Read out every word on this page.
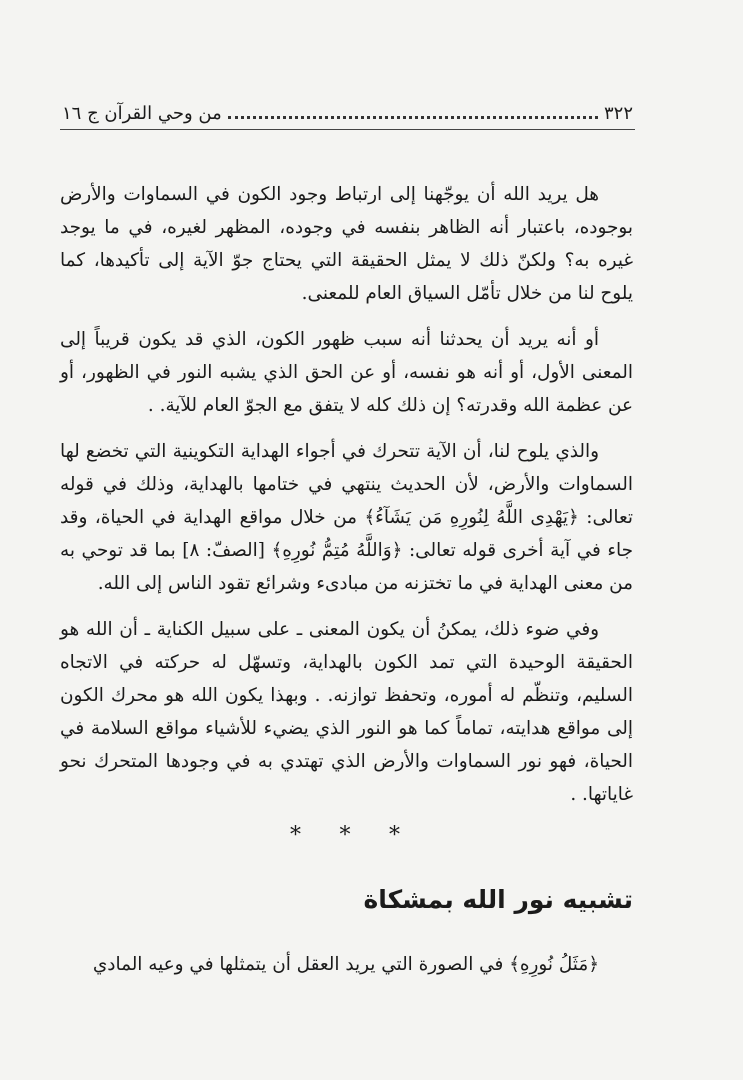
٣٢٢
من وحي القرآن ج ١٦

هل يريد الله أن يوجّهنا إلى ارتباط وجود الكون في السماوات والأرض بوجوده، باعتبار أنه الظاهر بنفسه في وجوده، المظهر لغيره، في ما يوجد غيره به؟ ولكنّ ذلك لا يمثل الحقيقة التي يحتاج جوّ الآية إلى تأكيدها، كما يلوح لنا من خلال تأمّل السياق العام للمعنى.

أو أنه يريد أن يحدثنا أنه سبب ظهور الكون، الذي قد يكون قريباً إلى المعنى الأول، أو أنه هو نفسه، أو عن الحق الذي يشبه النور في الظهور، أو عن عظمة الله وقدرته؟ إن ذلك كله لا يتفق مع الجوّ العام للآية. .

والذي يلوح لنا، أن الآية تتحرك في أجواء الهداية التكوينية التي تخضع لها السماوات والأرض، لأن الحديث ينتهي في ختامها بالهداية، وذلك في قوله تعالى: ﴿يَهْدِى اللَّهُ لِنُورِهِ مَن يَشَآءُ﴾ من خلال مواقع الهداية في الحياة، وقد جاء في آية أخرى قوله تعالى: ﴿وَاللَّهُ مُتِمُّ نُورِهِ﴾ [الصفّ: ٨] بما قد توحي به من معنى الهداية في ما تختزنه من مبادىء وشرائع تقود الناس إلى الله.

وفي ضوء ذلك، يمكنُ أن يكون المعنى ـ على سبيل الكناية ـ أن الله هو الحقيقة الوحيدة التي تمد الكون بالهداية، وتسهّل له حركته في الاتجاه السليم، وتنظّم له أموره، وتحفظ توازنه. . وبهذا يكون الله هو محرك الكون إلى مواقع هدايته، تماماً كما هو النور الذي يضيء للأشياء مواقع السلامة في الحياة، فهو نور السماوات والأرض الذي تهتدي به في وجودها المتحرك نحو غاياتها. .

* * *
تشبيه نور الله بمشكاة
﴿مَثَلُ نُورِهِ﴾ في الصورة التي يريد العقل أن يتمثلها في وعيه المادي
